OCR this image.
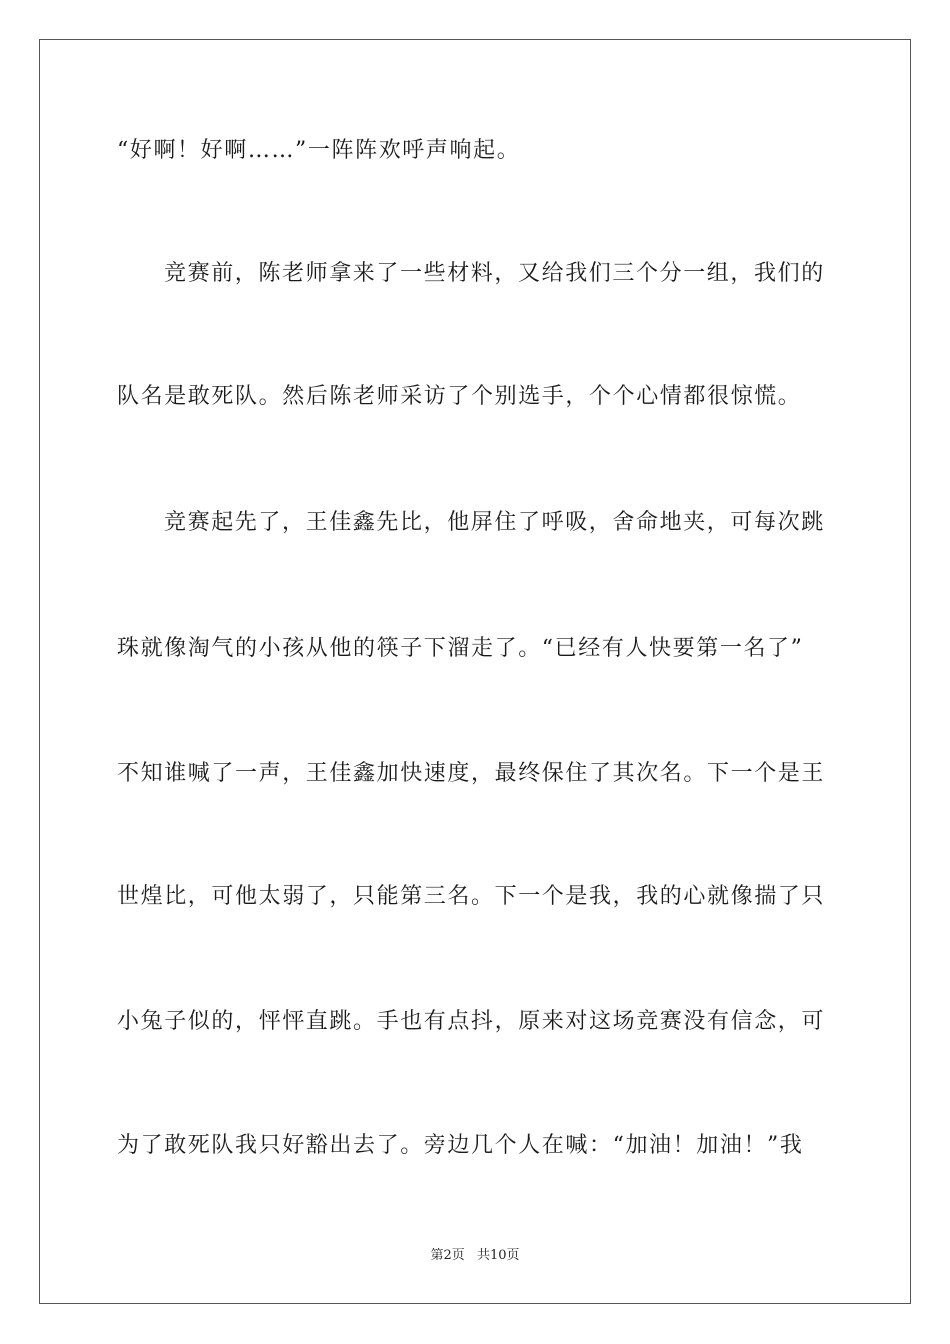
“好啊！好啊……”一阵阵欢呼声响起。
竞赛前，陈老师拿来了一些材料，又给我们三个分一组，我们的
队名是敢死队。然后陈老师采访了个别选手，个个心情都很惊慌。
竞赛起先了，王佳鑫先比，他屏住了呼吸，舍命地夹，可每次跳
珠就像淘气的小孩从他的筷子下溜走了。“已经有人快要第一名了”
不知谁喊了一声，王佳鑫加快速度，最终保住了其次名。下一个是王
世煌比，可他太弱了，只能第三名。下一个是我，我的心就像揣了只
小兔子似的，怦怦直跳。手也有点抖，原来对这场竞赛没有信念，可
为了敢死队我只好豁出去了。旁边几个人在喊：“加油！加油！”我
第2页 共10页
